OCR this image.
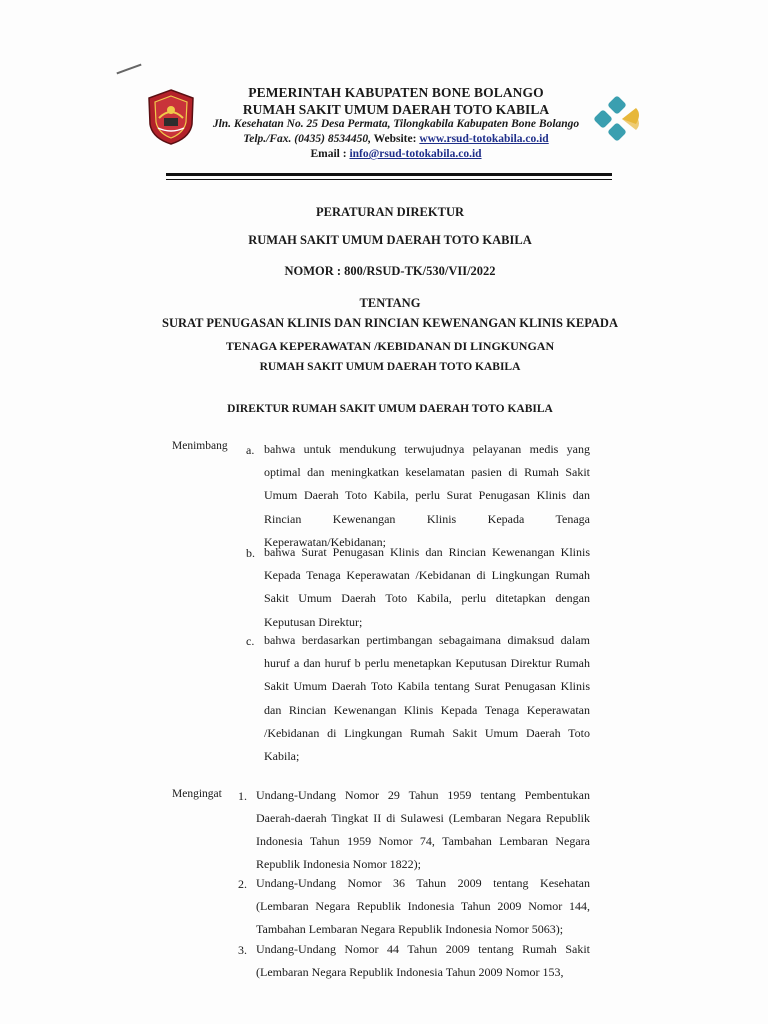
PEMERINTAH KABUPATEN BONE BOLANGO
RUMAH SAKIT UMUM DAERAH TOTO KABILA
Jln. Kesehatan No. 25 Desa Permata, Tilongkabila Kabupaten Bone Bolango
Telp./Fax. (0435) 8534450, Website: www.rsud-totokabila.co.id
Email : info@rsud-totokabila.co.id
PERATURAN DIREKTUR
RUMAH SAKIT UMUM DAERAH TOTO KABILA
NOMOR : 800/RSUD-TK/530/VII/2022
TENTANG
SURAT PENUGASAN KLINIS DAN RINCIAN KEWENANGAN KLINIS KEPADA
TENAGA KEPERAWATAN /KEBIDANAN DI LINGKUNGAN
RUMAH SAKIT UMUM DAERAH TOTO KABILA
DIREKTUR RUMAH SAKIT UMUM DAERAH TOTO KABILA
Menimbang a. bahwa untuk mendukung terwujudnya pelayanan medis yang optimal dan meningkatkan keselamatan pasien di Rumah Sakit Umum Daerah Toto Kabila, perlu Surat Penugasan Klinis dan Rincian Kewenangan Klinis Kepada Tenaga Keperawatan/Kebidanan;
b. bahwa Surat Penugasan Klinis dan Rincian Kewenangan Klinis Kepada Tenaga Keperawatan /Kebidanan di Lingkungan Rumah Sakit Umum Daerah Toto Kabila, perlu ditetapkan dengan Keputusan Direktur;
c. bahwa berdasarkan pertimbangan sebagaimana dimaksud dalam huruf a dan huruf b perlu menetapkan Keputusan Direktur Rumah Sakit Umum Daerah Toto Kabila tentang Surat Penugasan Klinis dan Rincian Kewenangan Klinis Kepada Tenaga Keperawatan /Kebidanan di Lingkungan Rumah Sakit Umum Daerah Toto Kabila;
Mengingat 1. Undang-Undang Nomor 29 Tahun 1959 tentang Pembentukan Daerah-daerah Tingkat II di Sulawesi (Lembaran Negara Republik Indonesia Tahun 1959 Nomor 74, Tambahan Lembaran Negara Republik Indonesia Nomor 1822);
2. Undang-Undang Nomor 36 Tahun 2009 tentang Kesehatan (Lembaran Negara Republik Indonesia Tahun 2009 Nomor 144, Tambahan Lembaran Negara Republik Indonesia Nomor 5063);
3. Undang-Undang Nomor 44 Tahun 2009 tentang Rumah Sakit (Lembaran Negara Republik Indonesia Tahun 2009 Nomor 153,
